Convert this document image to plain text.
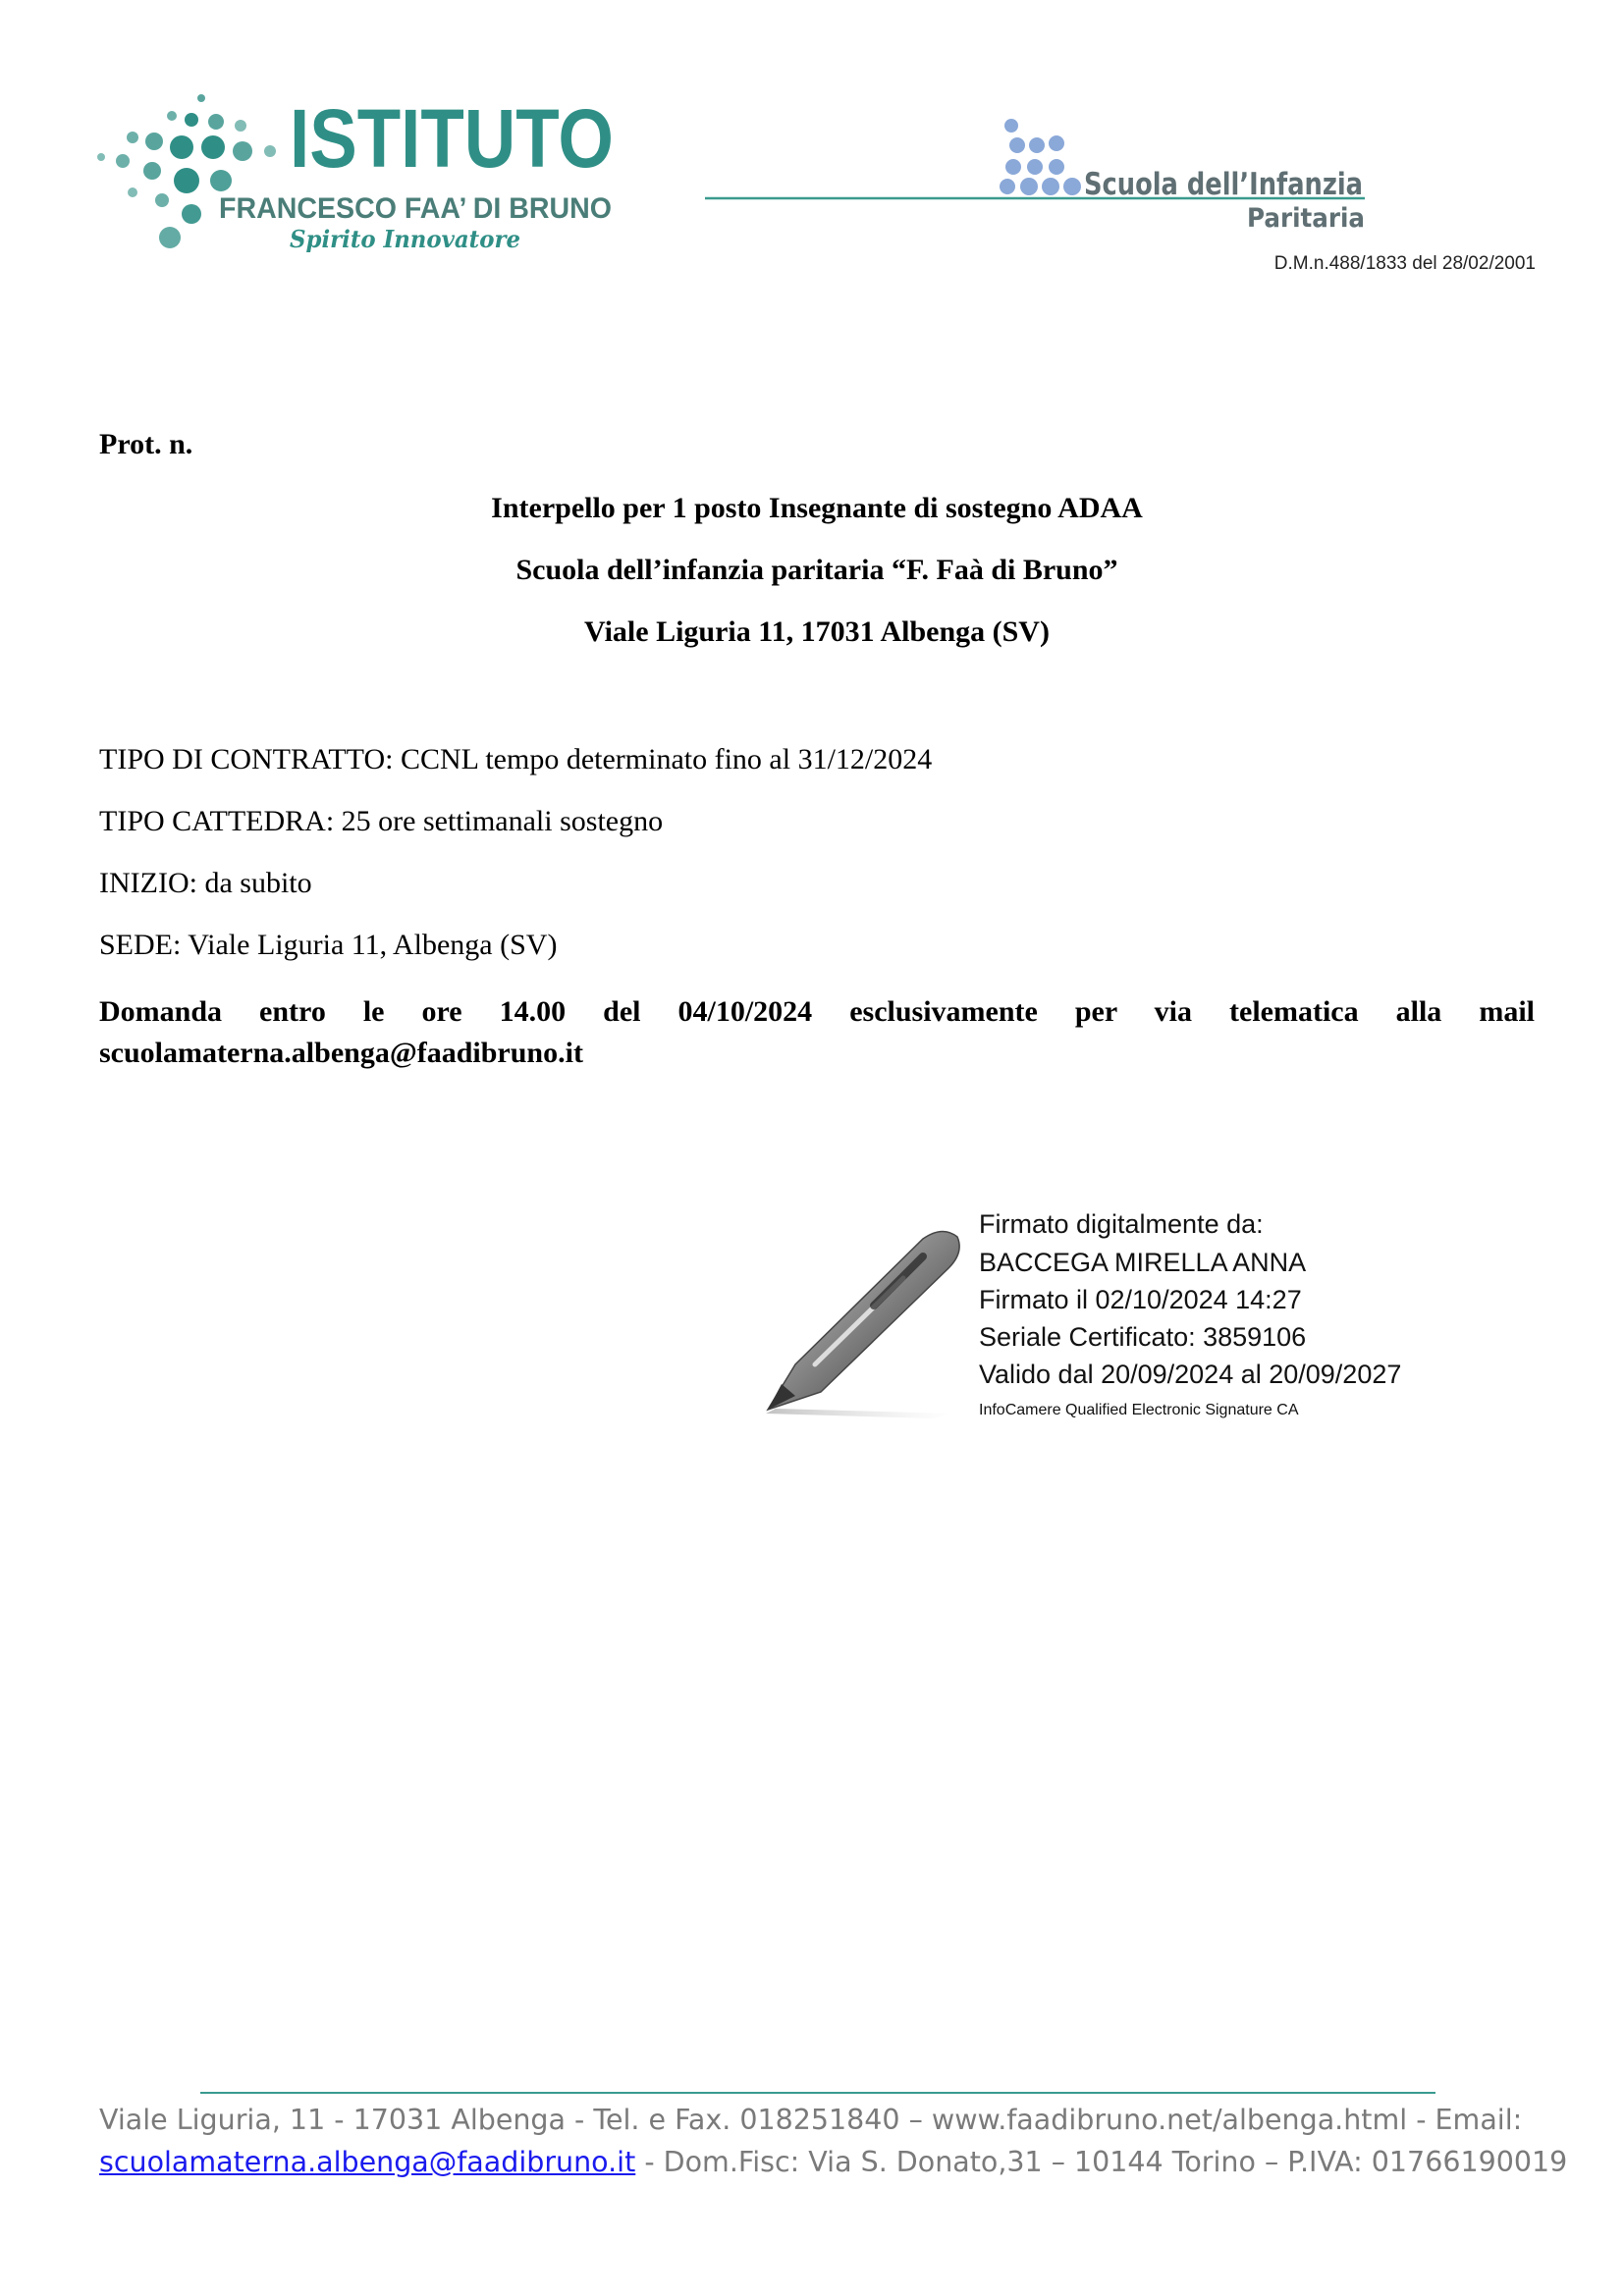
ISTITUTO
FRANCESCO FAA’ DI BRUNO
Spirito Innovatore
Scuola dell’Infanzia
Paritaria
D.M.n.488/1833 del 28/02/2001
Prot. n.
Interpello per 1 posto Insegnante di sostegno ADAA
Scuola dell’infanzia paritaria “F. Faà di Bruno”
Viale Liguria 11, 17031 Albenga (SV)
TIPO DI CONTRATTO: CCNL tempo determinato fino al 31/12/2024
TIPO CATTEDRA: 25 ore settimanali sostegno
INIZIO: da subito
SEDE: Viale Liguria 11, Albenga (SV)
Domanda entro le ore 14.00 del 04/10/2024 esclusivamente per via telematica alla mail
scuolamaterna.albenga@faadibruno.it
Firmato digitalmente da:
BACCEGA MIRELLA ANNA
Firmato il 02/10/2024 14:27
Seriale Certificato: 3859106
Valido dal 20/09/2024 al 20/09/2027
InfoCamere Qualified Electronic Signature CA
Viale Liguria, 11 - 17031 Albenga - Tel. e Fax. 018251840 – www.faadibruno.net/albenga.html - Email:
scuolamaterna.albenga@faadibruno.it - Dom.Fisc: Via S. Donato,31 – 10144 Torino – P.IVA: 01766190019
